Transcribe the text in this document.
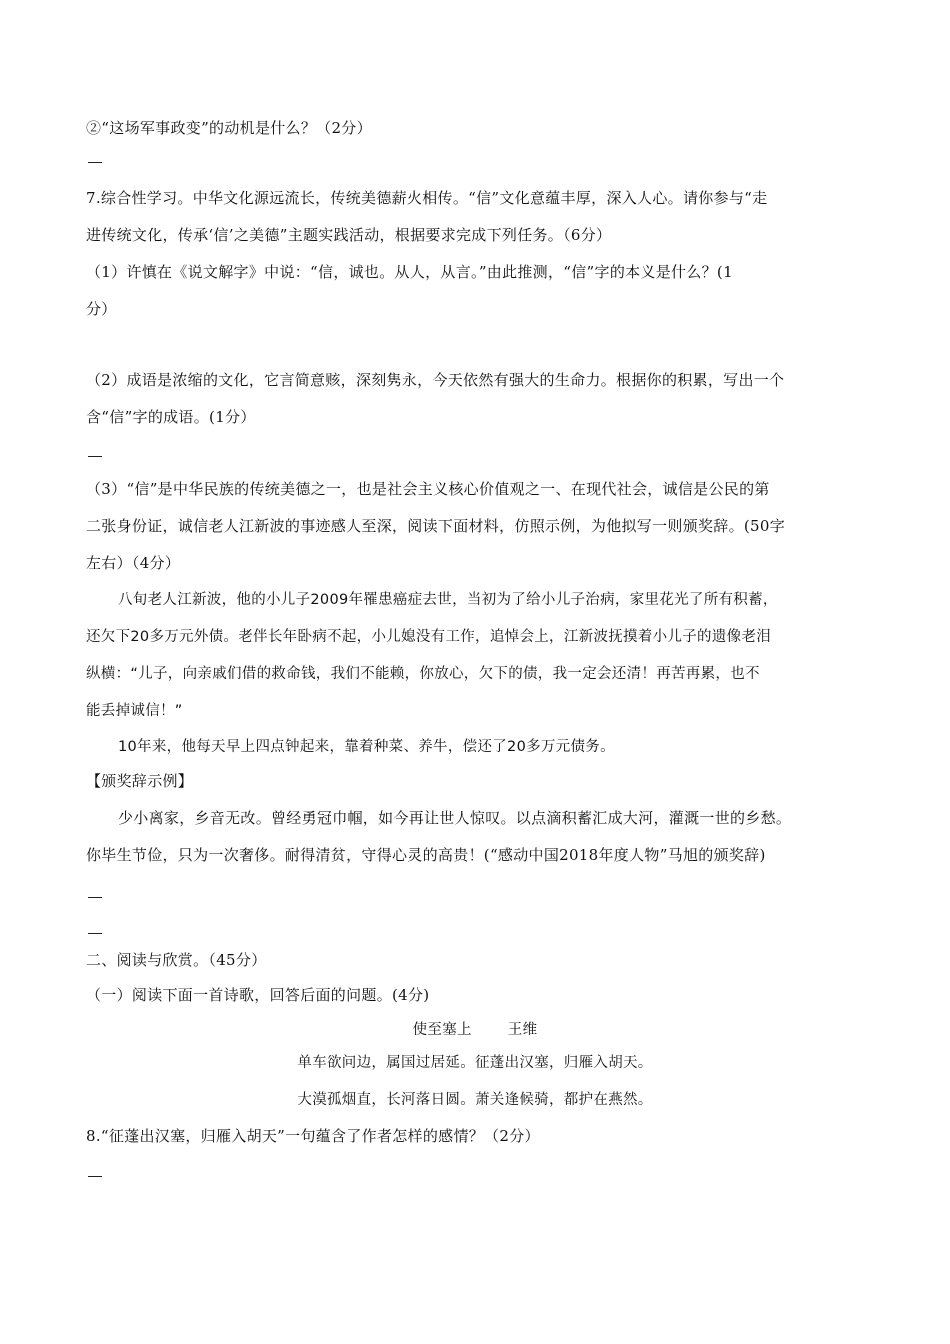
②“这场军事政变”的动机是什么？（2分）
7.综合性学习。中华文化源远流长，传统美德薪火相传。“信”文化意蕴丰厚，深入人心。请你参与“走
进传统文化，传承‘信’之美德”主题实践活动，根据要求完成下列任务。（6分）
（1）许慎在《说文解字》中说：“信，诚也。从人，从言。”由此推测，“信”字的本义是什么？(1
分）
（2）成语是浓缩的文化，它言简意赅，深刻隽永，今天依然有强大的生命力。根据你的积累，写出一个
含“信”字的成语。(1分）
（3）“信”是中华民族的传统美德之一，也是社会主义核心价值观之一、在现代社会，诚信是公民的第
二张身份证，诚信老人江新波的事迹感人至深，阅读下面材料，仿照示例，为他拟写一则颁奖辞。(50字
左右）（4分）
八旬老人江新波，他的小儿子2009年罹患癌症去世，当初为了给小儿子治病，家里花光了所有积蓄，
还欠下20多万元外债。老伴长年卧病不起，小儿媳没有工作，追悼会上，江新波抚摸着小儿子的遗像老泪
纵横：“儿子，向亲戚们借的救命钱，我们不能赖，你放心，欠下的债，我一定会还清！再苦再累，也不
能丢掉诚信！”
10年来，他每天早上四点钟起来，靠着种菜、养牛，偿还了20多万元债务。
【颁奖辞示例】
少小离家，乡音无改。曾经勇冠巾帼，如今再让世人惊叹。以点滴积蓄汇成大河，灌溉一世的乡愁。
你毕生节俭，只为一次奢侈。耐得清贫，守得心灵的高贵！(“感动中国2018年度人物”马旭的颁奖辞)
二、阅读与欣赏。（45分）
（一）阅读下面一首诗歌，回答后面的问题。(4分)
使至塞上 王维
单车欲问边，属国过居延。征蓬出汉塞，归雁入胡天。
大漠孤烟直，长河落日圆。萧关逢候骑，都护在燕然。
8.“征蓬出汉塞，归雁入胡天”一句蕴含了作者怎样的感情？（2分）
